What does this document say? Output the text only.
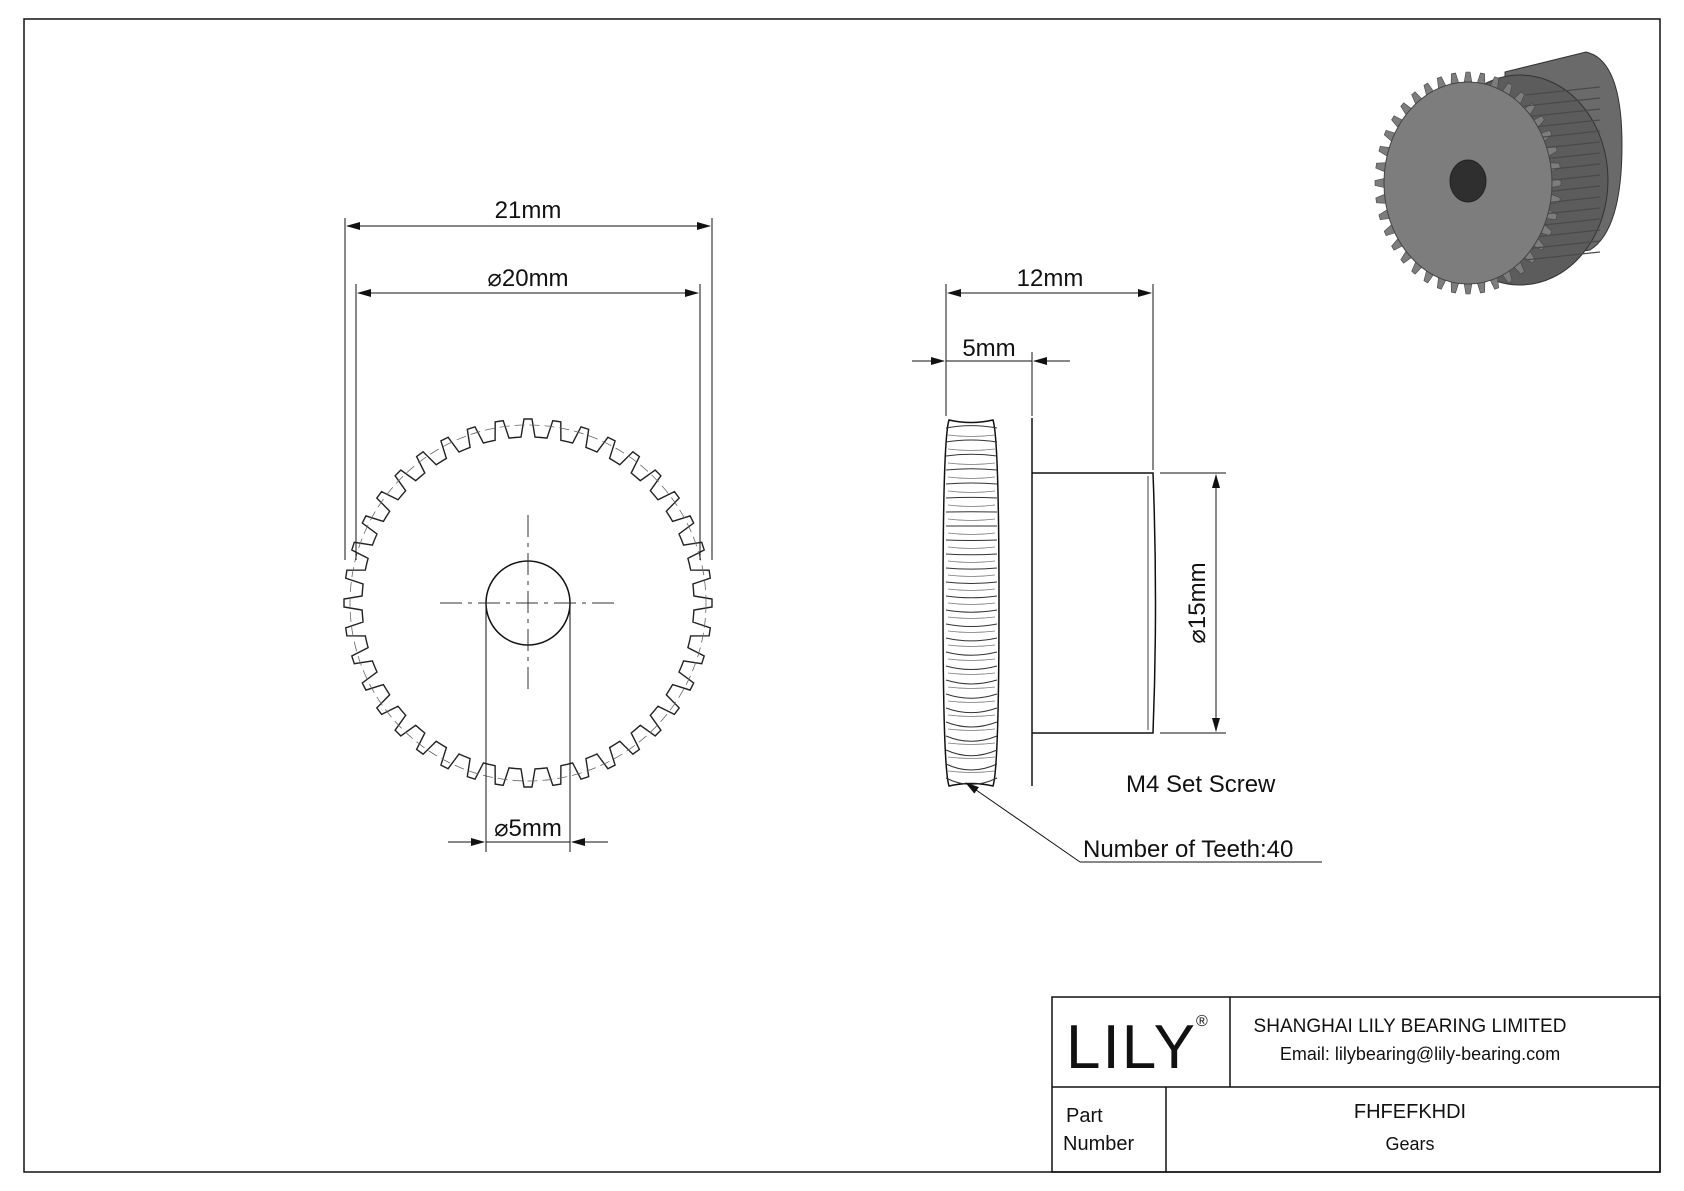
21mm
⌀20mm
⌀5mm
12mm
5mm
⌀15mm
M4 Set Screw
Number of Teeth:40
LILY ® SHANGHAI LILY BEARING LIMITED
Email: lilybearing@lily-bearing.com
Part
Number
FHFEFKHDI
Gears
